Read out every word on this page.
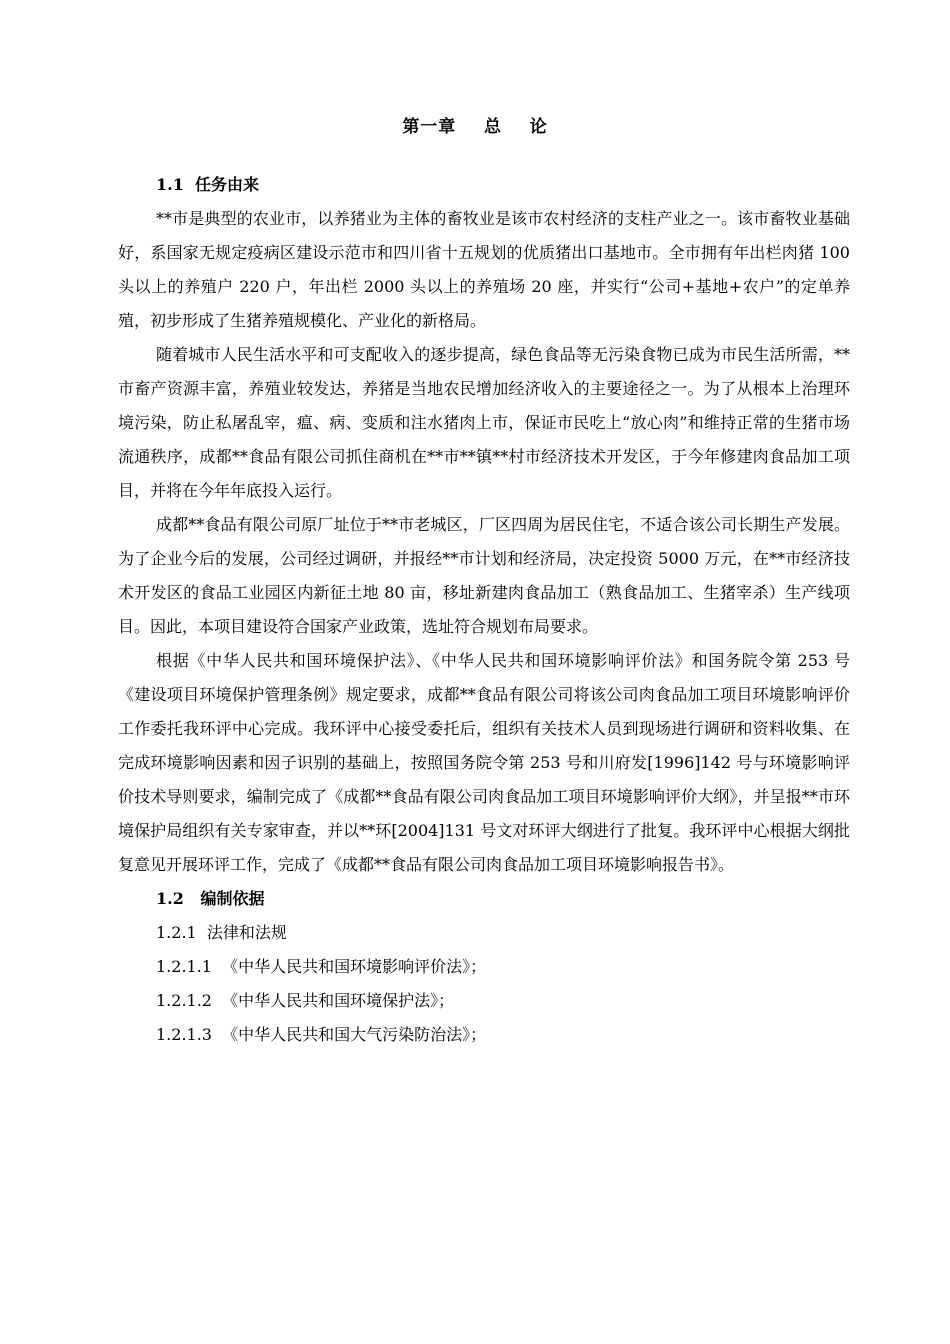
第一章    总    论
1.1  任务由来

**市是典型的农业市，以养猪业为主体的畜牧业是该市农村经济的支柱产业之一。该市畜牧业基础好，系国家无规定疫病区建设示范市和四川省十五规划的优质猪出口基地市。全市拥有年出栏肉猪 100 头以上的养殖户 220 户，年出栏 2000 头以上的养殖场 20 座，并实行“公司+基地+农户”的定单养殖，初步形成了生猪养殖规模化、产业化的新格局。

随着城市人民生活水平和可支配收入的逐步提高，绿色食品等无污染食物已成为市民生活所需，**市畜产资源丰富，养殖业较发达，养猪是当地农民增加经济收入的主要途径之一。为了从根本上治理环境污染，防止私屠乱宰，瘟、病、变质和注水猪肉上市，保证市民吃上“放心肉”和维持正常的生猪市场流通秩序，成都**食品有限公司抓住商机在**市**镇**村市经济技术开发区，于今年修建肉食品加工项目，并将在今年年底投入运行。

成都**食品有限公司原厂址位于**市老城区，厂区四周为居民住宅，不适合该公司长期生产发展。为了企业今后的发展，公司经过调研，并报经**市计划和经济局，决定投资 5000 万元，在**市经济技术开发区的食品工业园区内新征土地 80 亩，移址新建肉食品加工（熟食品加工、生猪宰杀）生产线项目。因此，本项目建设符合国家产业政策，选址符合规划布局要求。

根据《中华人民共和国环境保护法》、《中华人民共和国环境影响评价法》和国务院令第 253 号《建设项目环境保护管理条例》规定要求，成都**食品有限公司将该公司肉食品加工项目环境影响评价工作委托我环评中心完成。我环评中心接受委托后，组织有关技术人员到现场进行调研和资料收集、在完成环境影响因素和因子识别的基础上，按照国务院令第 253 号和川府发[1996]142 号与环境影响评价技术导则要求，编制完成了《成都**食品有限公司肉食品加工项目环境影响评价大纲》，并呈报**市环境保护局组织有关专家审查，并以**环[2004]131 号文对环评大纲进行了批复。我环评中心根据大纲批复意见开展环评工作，完成了《成都**食品有限公司肉食品加工项目环境影响报告书》。

1.2   编制依据
1.2.1  法律和法规
1.2.1.1  《中华人民共和国环境影响评价法》；
1.2.1.2  《中华人民共和国环境保护法》；
1.2.1.3  《中华人民共和国大气污染防治法》；
